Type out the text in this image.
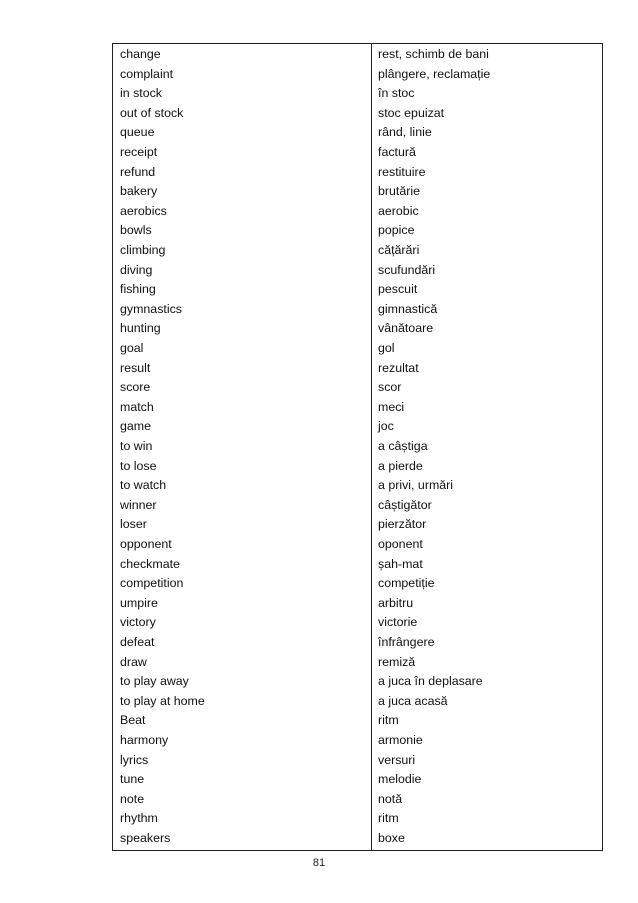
change	rest, schimb de bani
complaint	plângere, reclamație
in stock	în stoc
out of stock	stoc epuizat
queue	rând, linie
receipt	factură
refund	restituire
bakery	brutărie
aerobics	aerobic
bowls	popice
climbing	cățărări
diving	scufundări
fishing	pescuit
gymnastics	gimnastică
hunting	vânătoare
goal	gol
result	rezultat
score	scor
match	meci
game	joc
to win	a câștiga
to lose	a pierde
to watch	a privi, urmări
winner	câștigător
loser	pierzător
opponent	oponent
checkmate	șah-mat
competition	competiție
umpire	arbitru
victory	victorie
defeat	înfrângere
draw	remiză
to play away	a juca în deplasare
to play at home	a juca acasă
Beat	ritm
harmony	armonie
lyrics	versuri
tune	melodie
note	notă
rhythm	ritm
speakers	boxe
81
